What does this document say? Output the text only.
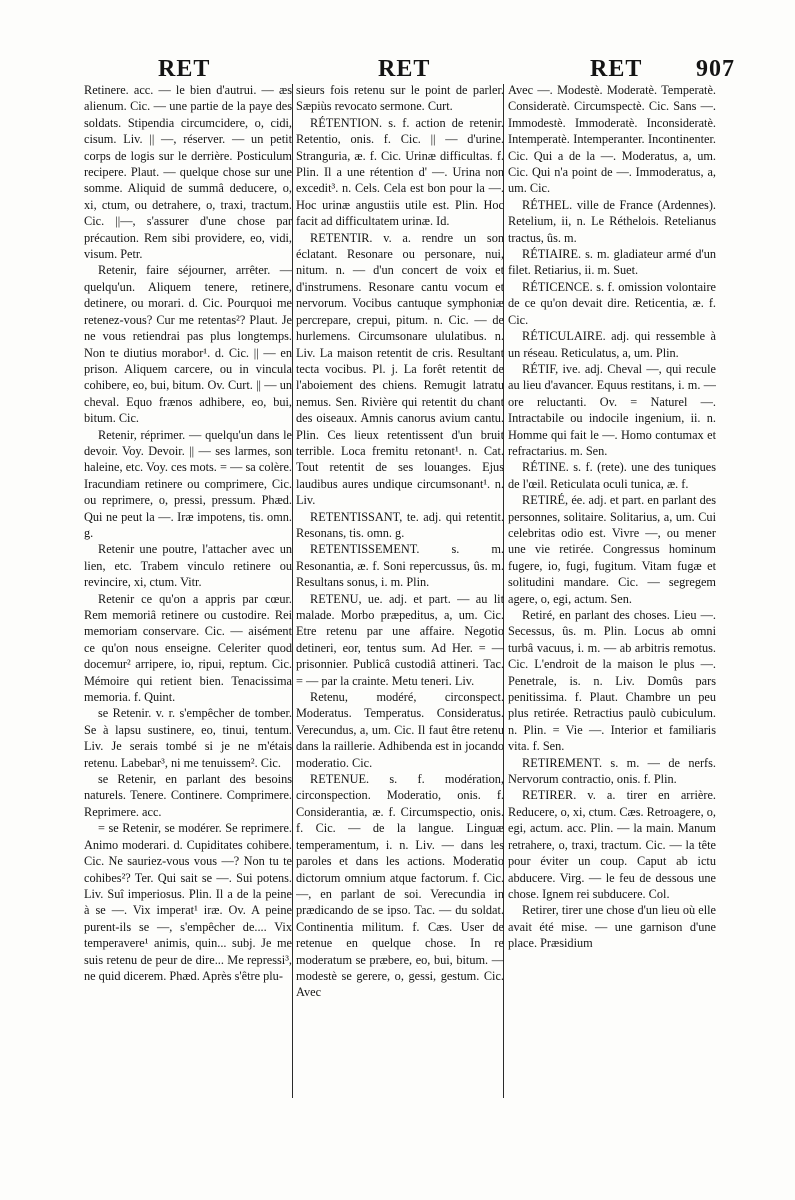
RET	RET	RET 907

Retinere. acc. — le bien d'autrui. — æs alienum. Cic. — une partie de la paye des soldats. Stipendia circumcidere, o, cidi, cisum. Liv. || —, réserver. — un petit corps de logis sur le derrière. Posticulum recipere. Plaut. — quelque chose sur une somme. Aliquid de summâ deducere, o, xi, ctum, ou detrahere, o, traxi, tractum. Cic. ||—, s'assurer d'une chose par précaution. Rem sibi providere, eo, vidi, visum. Petr.

Retenir, faire séjourner, arrêter. — quelqu'un. Aliquem tenere, retinere, detinere, ou morari. d. Cic. Pourquoi me retenez-vous? Cur me retentas²? Plaut. Je ne vous retiendrai pas plus longtemps. Non te diutius morabor¹. d. Cic. || — en prison. Aliquem carcere, ou in vincula cohibere, eo, bui, bitum. Ov. Curt. || — un cheval. Equo frænos adhibere, eo, bui, bitum. Cic.

Retenir, réprimer. — quelqu'un dans le devoir. Voy. Devoir. || — ses larmes, son haleine, etc. Voy. ces mots. = — sa colère. Iracundiam retinere ou comprimere, Cic. ou reprimere, o, pressi, pressum. Phæd. Qui ne peut la —. Iræ impotens, tis. omn. g.

Retenir une poutre, l'attacher avec un lien, etc. Trabem vinculo retinere ou revincire, xi, ctum. Vitr.

Retenir ce qu'on a appris par cœur. Rem memoriâ retinere ou custodire. Rei memoriam conservare. Cic. — aisément ce qu'on nous enseigne. Celeriter quod docemur² arripere, io, ripui, reptum. Cic. Mémoire qui retient bien. Tenacissima memoria. f. Quint.

se Retenir. v. r. s'empêcher de tomber. Se à lapsu sustinere, eo, tinui, tentum. Liv. Je serais tombé si je ne m'étais retenu. Labebar³, ni me tenuissem². Cic.

se Retenir, en parlant des besoins naturels. Tenere. Continere. Comprimere. Reprimere. acc.

= se Retenir, se modérer. Se reprimere. Animo moderari. d. Cupiditates cohibere. Cic. Ne sauriez-vous vous —? Non tu te cohibes²? Ter. Qui sait se —. Sui potens. Liv. Suî imperiosus. Plin. Il a de la peine à se —. Vix imperat¹ iræ. Ov. A peine purent-ils se —, s'empêcher de.... Vix temperavere¹ animis, quin... subj. Je me suis retenu de peur de dire... Me repressi³, ne quid dicerem. Phæd. Après s'être plu-

sieurs fois retenu sur le point de parler. Sæpiùs revocato sermone. Curt.

RÉTENTION. s. f. action de retenir. Retentio, onis. f. Cic. || — d'urine. Stranguria, æ. f. Cic. Urinæ difficultas. f. Plin. Il a une rétention d' —. Urina non excedit³. n. Cels. Cela est bon pour la —. Hoc urinæ angustiis utile est. Plin. Hoc facit ad difficultatem urinæ. Id.

RETENTIR. v. a. rendre un son éclatant. Resonare ou personare, nui, nitum. n. — d'un concert de voix et d'instrumens. Resonare cantu vocum et nervorum. Vocibus cantuque symphoniæ percrepare, crepui, pitum. n. Cic. — de hurlemens. Circumsonare ululatibus. n. Liv. La maison retentit de cris. Resultant tecta vocibus. Pl. j. La forêt retentit de l'aboiement des chiens. Remugit latratu nemus. Sen. Rivière qui retentit du chant des oiseaux. Amnis canorus avium cantu. Plin. Ces lieux retentissent d'un bruit terrible. Loca fremitu retonant¹. n. Cat. Tout retentit de ses louanges. Ejus laudibus aures undique circumsonant¹. n. Liv.

RETENTISSANT, te. adj. qui retentit. Resonans, tis. omn. g.

RETENTISSEMENT. s. m. Resonantia, æ. f. Soni repercussus, ûs. m. Resultans sonus, i. m. Plin.

RETENU, ue. adj. et part. — au lit malade. Morbo præpeditus, a, um. Cic. Etre retenu par une affaire. Negotio detineri, eor, tentus sum. Ad Her. = — prisonnier. Publicâ custodiâ attineri. Tac. = — par la crainte. Metu teneri. Liv.

Retenu, modéré, circonspect. Moderatus. Temperatus. Consideratus. Verecundus, a, um. Cic. Il faut être retenu dans la raillerie. Adhibenda est in jocando moderatio. Cic.

RETENUE. s. f. modération, circonspection. Moderatio, onis. f. Considerantia, æ. f. Circumspectio, onis. f. Cic. — de la langue. Linguæ temperamentum, i. n. Liv. — dans les paroles et dans les actions. Moderatio dictorum omnium atque factorum. f. Cic. —, en parlant de soi. Verecundia in prædicando de se ipso. Tac. — du soldat. Continentia militum. f. Cæs. User de retenue en quelque chose. In re moderatum se præbere, eo, bui, bitum. — modestè se gerere, o, gessi, gestum. Cic. Avec

Avec —. Modestè. Moderatè. Temperatè. Consideratè. Circumspectè. Cic. Sans —. Immodestè. Immoderatè. Inconsideratè. Intemperatè. Intemperanter. Incontinenter. Cic. Qui a de la —. Moderatus, a, um. Cic. Qui n'a point de —. Immoderatus, a, um. Cic.

RÉTHEL. ville de France (Ardennes). Retelium, ii, n. Le Réthelois. Retelianus tractus, ûs. m.

RÉTIAIRE. s. m. gladiateur armé d'un filet. Retiarius, ii. m. Suet.

RÉTICENCE. s. f. omission volontaire de ce qu'on devait dire. Reticentia, æ. f. Cic.

RÉTICULAIRE. adj. qui ressemble à un réseau. Reticulatus, a, um. Plin.

RÉTIF, ive. adj. Cheval —, qui recule au lieu d'avancer. Equus restitans, i. m. — ore reluctanti. Ov. = Naturel —. Intractabile ou indocile ingenium, ii. n. Homme qui fait le —. Homo contumax et refractarius. m. Sen.

RÉTINE. s. f. (rete). une des tuniques de l'œil. Reticulata oculi tunica, æ. f.

RETIRÉ, ée. adj. et part. en parlant des personnes, solitaire. Solitarius, a, um. Cui celebritas odio est. Vivre —, ou mener une vie retirée. Congressus hominum fugere, io, fugi, fugitum. Vitam fugæ et solitudini mandare. Cic. — segregem agere, o, egi, actum. Sen.

Retiré, en parlant des choses. Lieu —. Secessus, ûs. m. Plin. Locus ab omni turbâ vacuus, i. m. — ab arbitris remotus. Cic. L'endroit de la maison le plus —. Penetrale, is. n. Liv. Domûs pars penitissima. f. Plaut. Chambre un peu plus retirée. Retractius paulò cubiculum. n. Plin. = Vie —. Interior et familiaris vita. f. Sen.

RETIREMENT. s. m. — de nerfs. Nervorum contractio, onis. f. Plin.

RETIRER. v. a. tirer en arrière. Reducere, o, xi, ctum. Cæs. Retroagere, o, egi, actum. acc. Plin. — la main. Manum retrahere, o, traxi, tractum. Cic. — la tête pour éviter un coup. Caput ab ictu abducere. Virg. — le feu de dessous une chose. Ignem rei subducere. Col.

Retirer, tirer une chose d'un lieu où elle avait été mise. — une garnison d'une place. Præsidium
